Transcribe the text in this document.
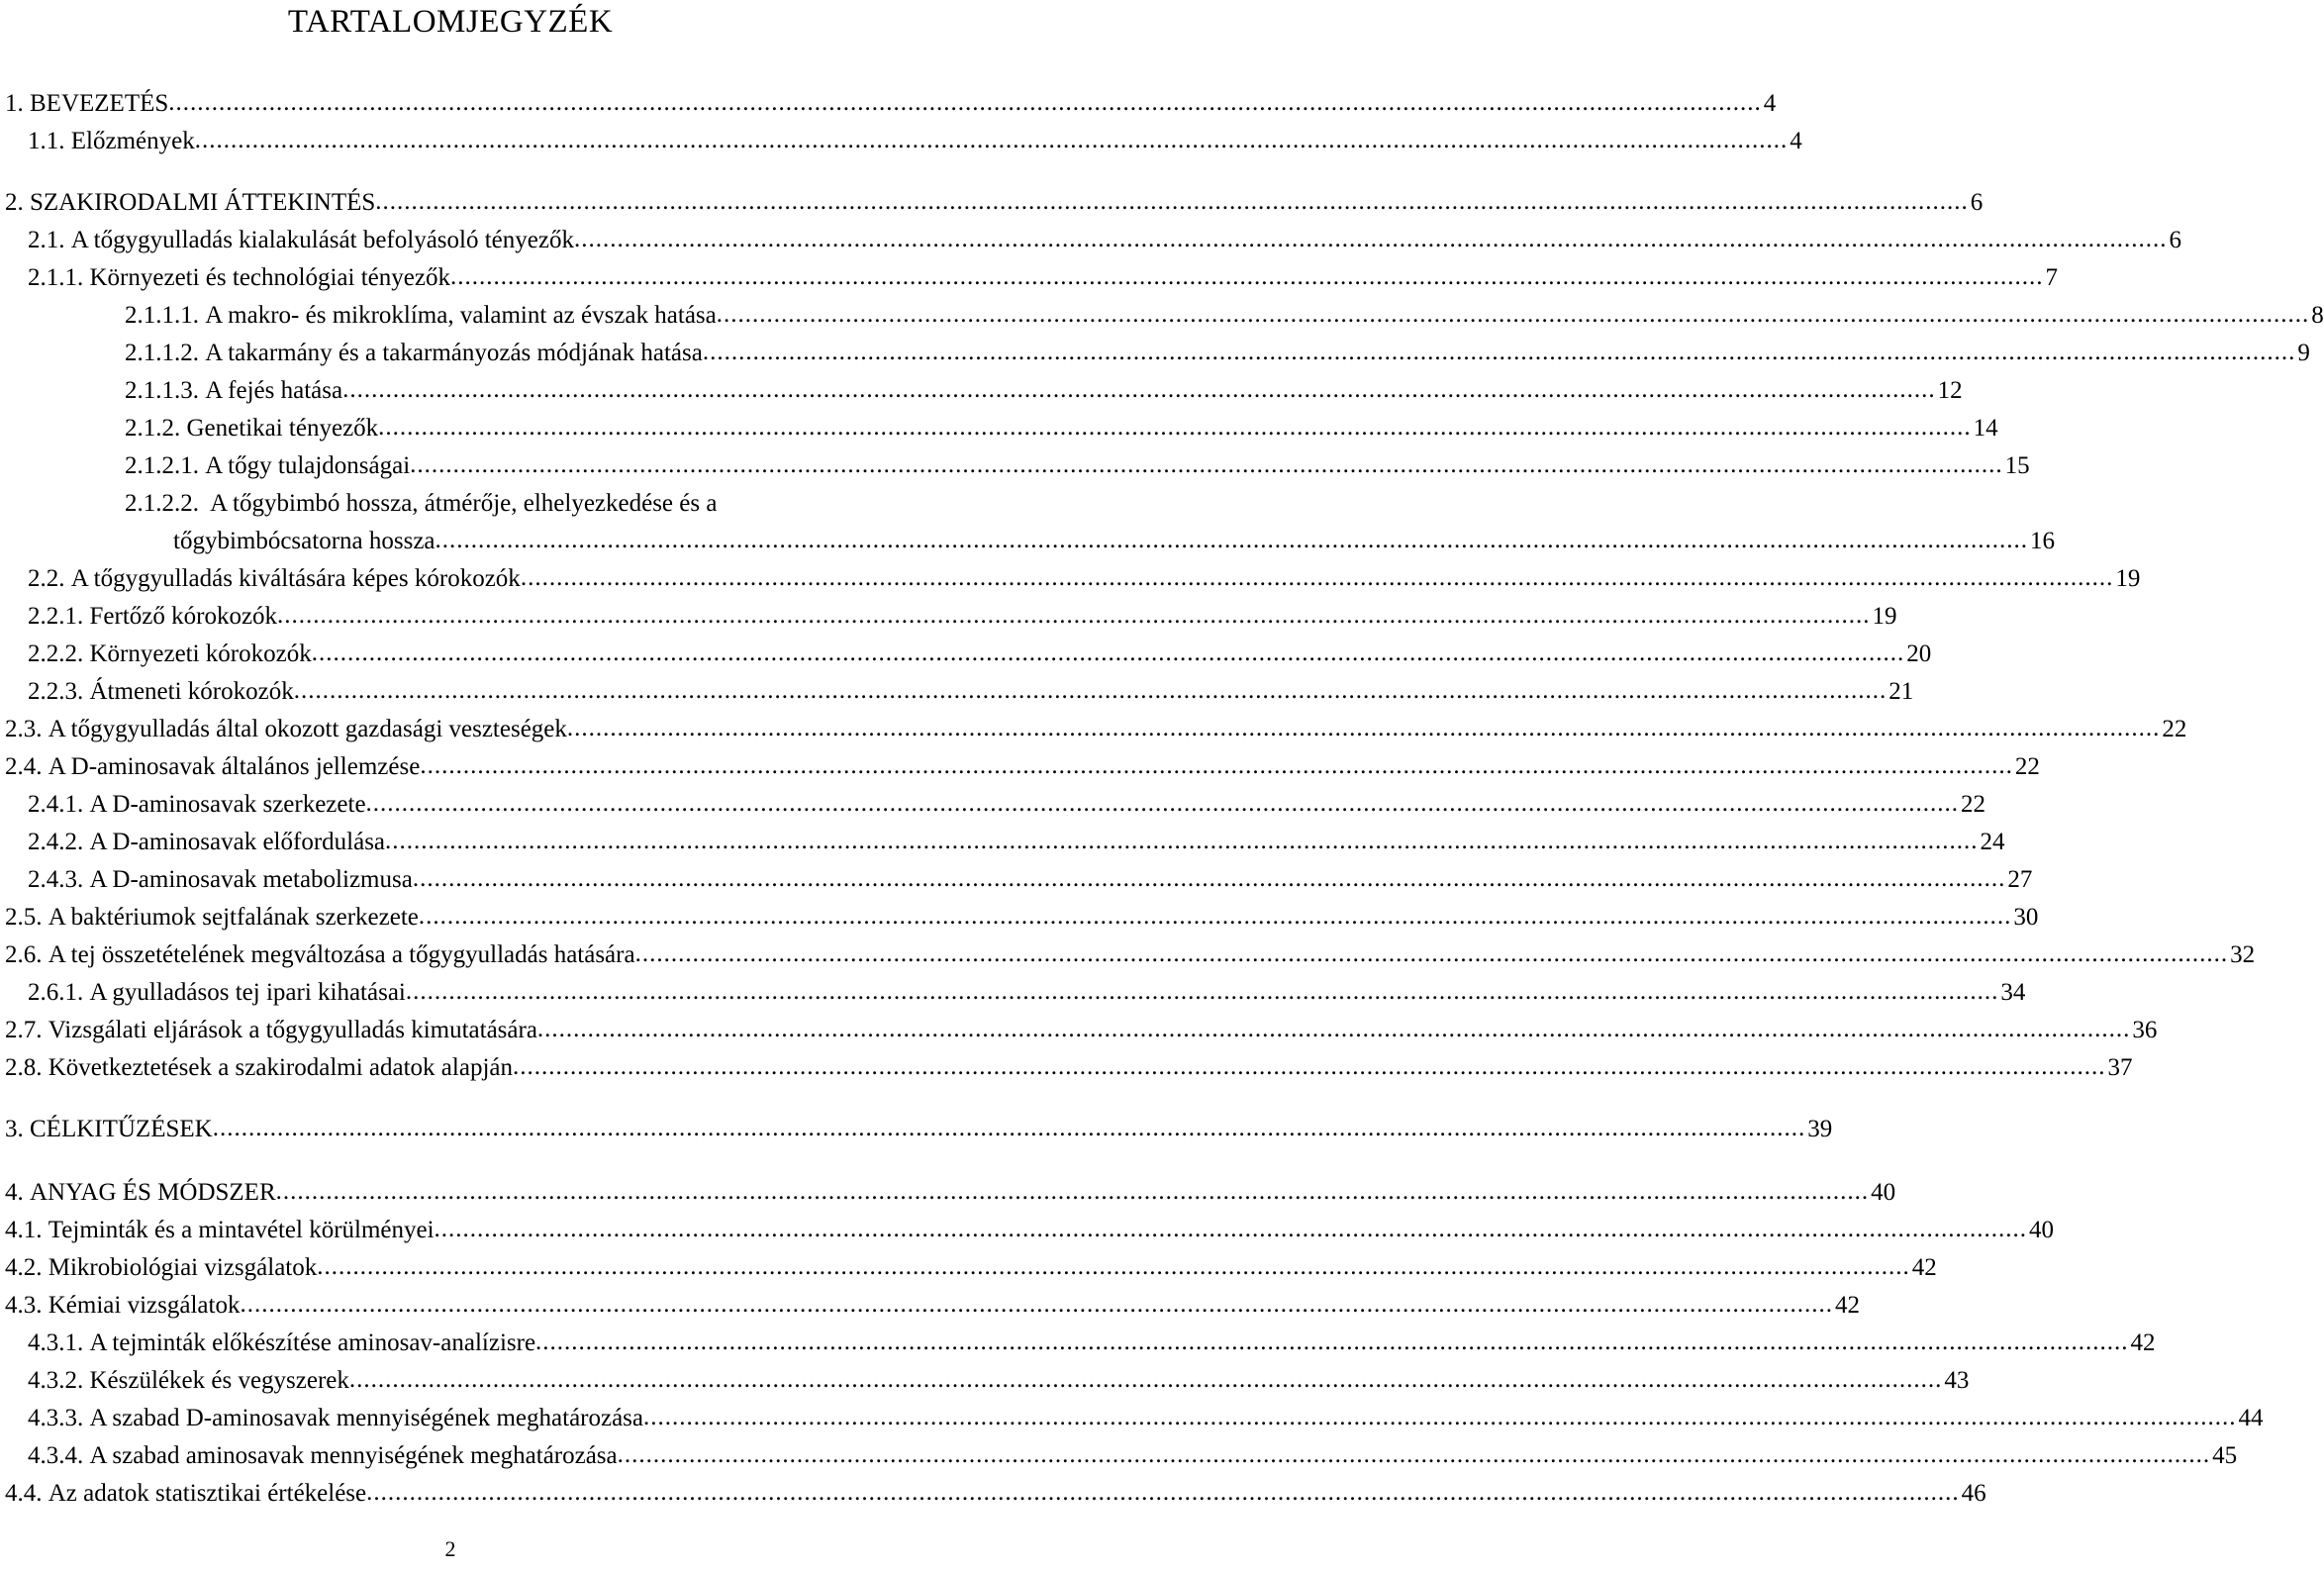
TARTALOMJEGYZÉK
1. BEVEZETÉS .....	4
1.1. Előzmények .....	4
2. SZAKIRODALMI ÁTTEKINTÉS .....	6
2.1. A tőgygyulladás kialakulását befolyásoló tényezők .....	6
2.1.1. Környezeti és technológiai tényezők .....	7
2.1.1.1. A makro- és mikroklíma, valamint az évszak hatása .....	8
2.1.1.2. A takarmány és a takarmányozás módjának hatása .....	9
2.1.1.3. A fejés hatása .....	12
2.1.2. Genetikai tényezők .....	14
2.1.2.1. A tőgy tulajdonságai .....	15
2.1.2.2. A tőgybimbó hossza, átmérője, elhelyezkedése és a
tőgybimbócsatorna hossza .....	16
2.2. A tőgygyulladás kiváltására képes kórokozók .....	19
2.2.1. Fertőző kórokozók .....	19
2.2.2. Környezeti kórokozók .....	20
2.2.3. Átmeneti kórokozók .....	21
2.3. A tőgygyulladás által okozott gazdasági veszteségek .....	22
2.4. A D-aminosavak általános jellemzése .....	22
2.4.1. A D-aminosavak szerkezete .....	22
2.4.2. A D-aminosavak előfordulása .....	24
2.4.3. A D-aminosavak metabolizmusa .....	27
2.5. A baktériumok sejtfalának szerkezete .....	30
2.6. A tej összetételének megváltozása a tőgygyulladás hatására .....	32
2.6.1. A gyulladásos tej ipari kihatásai .....	34
2.7. Vizsgálati eljárások a tőgygyulladás kimutatására .....	36
2.8. Következtetések a szakirodalmi adatok alapján .....	37
3. CÉLKITŰZÉSEK .....	39
4. ANYAG ÉS MÓDSZER .....	40
4.1. Tejminták és a mintavétel körülményei .....	40
4.2. Mikrobiológiai vizsgálatok .....	42
4.3. Kémiai vizsgálatok .....	42
4.3.1. A tejminták előkészítése aminosav-analízisre .....	42
4.3.2. Készülékek és vegyszerek .....	43
4.3.3. A szabad D-aminosavak mennyiségének meghatározása .....	44
4.3.4. A szabad aminosavak mennyiségének meghatározása .....	45
4.4. Az adatok statisztikai értékelése .....	46
2
